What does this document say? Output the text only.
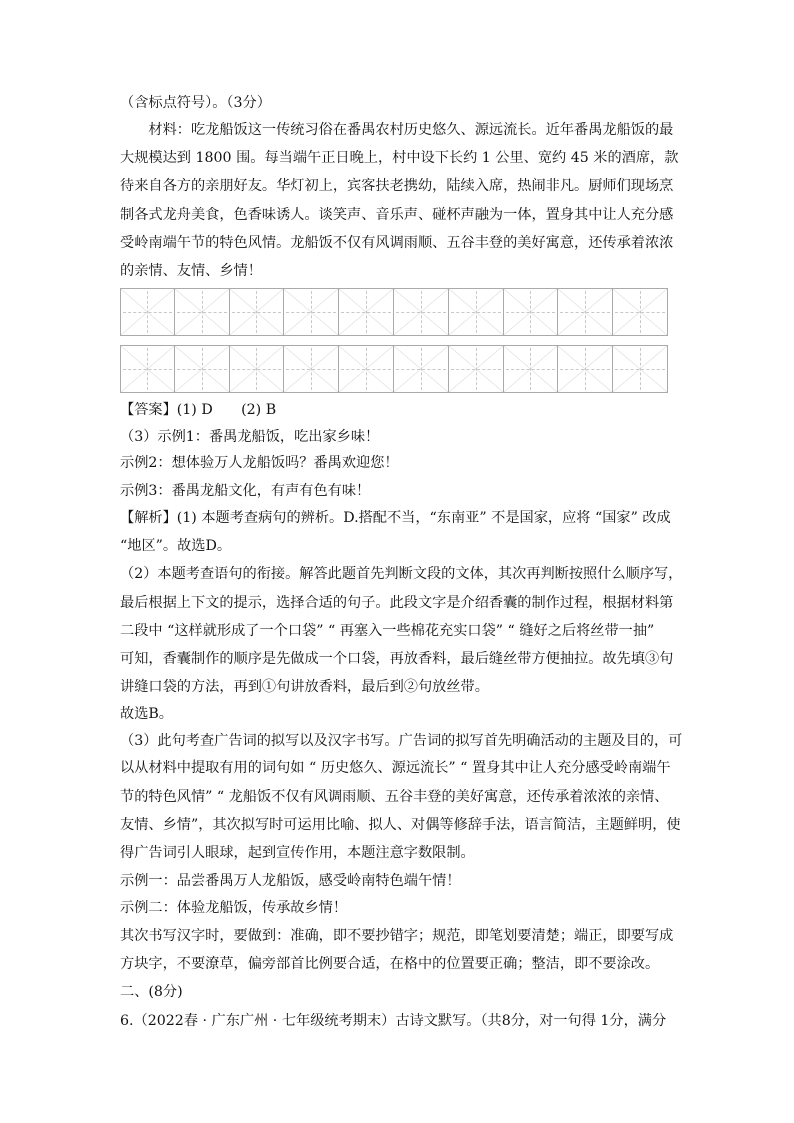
（含标点符号）。（3分）
　　材料：吃龙船饭这一传统习俗在番禺农村历史悠久、源远流长。近年番禺龙船饭的最
大规模达到 1800 围。每当端午正日晚上，村中设下长约 1 公里、宽约 45 米的酒席，款
待来自各方的亲朋好友。华灯初上，宾客扶老携幼，陆续入席，热闹非凡。厨师们现场烹
制各式龙舟美食，色香味诱人。谈笑声、音乐声、碰杯声融为一体，置身其中让人充分感
受岭南端午节的特色风情。龙船饭不仅有风调雨顺、五谷丰登的美好寓意，还传承着浓浓
的亲情、友情、乡情！
【答案】(1) D　　(2) B
（3）示例1：番禺龙船饭，吃出家乡味！
示例2：想体验万人龙船饭吗？番禺欢迎您！
示例3：番禺龙船文化，有声有色有味！
【解析】(1) 本题考查病句的辨析。D.搭配不当，“东南亚” 不是国家，应将 “国家” 改成
“地区”。故选D。
（2）本题考查语句的衔接。解答此题首先判断文段的文体，其次再判断按照什么顺序写，
最后根据上下文的提示，选择合适的句子。此段文字是介绍香囊的制作过程，根据材料第
二段中 “这样就形成了一个口袋” “ 再塞入一些棉花充实口袋” “ 缝好之后将丝带一抽”
可知，香囊制作的顺序是先做成一个口袋，再放香料，最后缝丝带方便抽拉。故先填③句
讲缝口袋的方法，再到①句讲放香料，最后到②句放丝带。
故选B。
（3）此句考查广告词的拟写以及汉字书写。广告词的拟写首先明确活动的主题及目的，可
以从材料中提取有用的词句如 “ 历史悠久、源远流长” “ 置身其中让人充分感受岭南端午
节的特色风情” “ 龙船饭不仅有风调雨顺、五谷丰登的美好寓意，还传承着浓浓的亲情、
友情、乡情”，其次拟写时可运用比喻、拟人、对偶等修辞手法，语言简洁，主题鲜明，使
得广告词引人眼球，起到宣传作用，本题注意字数限制。
示例一：品尝番禺万人龙船饭，感受岭南特色端午情！
示例二：体验龙船饭，传承故乡情！
其次书写汉字时，要做到：准确，即不要抄错字；规范，即笔划要清楚；端正，即要写成
方块字，不要潦草，偏旁部首比例要合适，在格中的位置要正确；整洁，即不要涂改。
二、(8分)
6.（2022春 · 广东广州 · 七年级统考期末）古诗文默写。（共8分，对一句得 1分，满分
